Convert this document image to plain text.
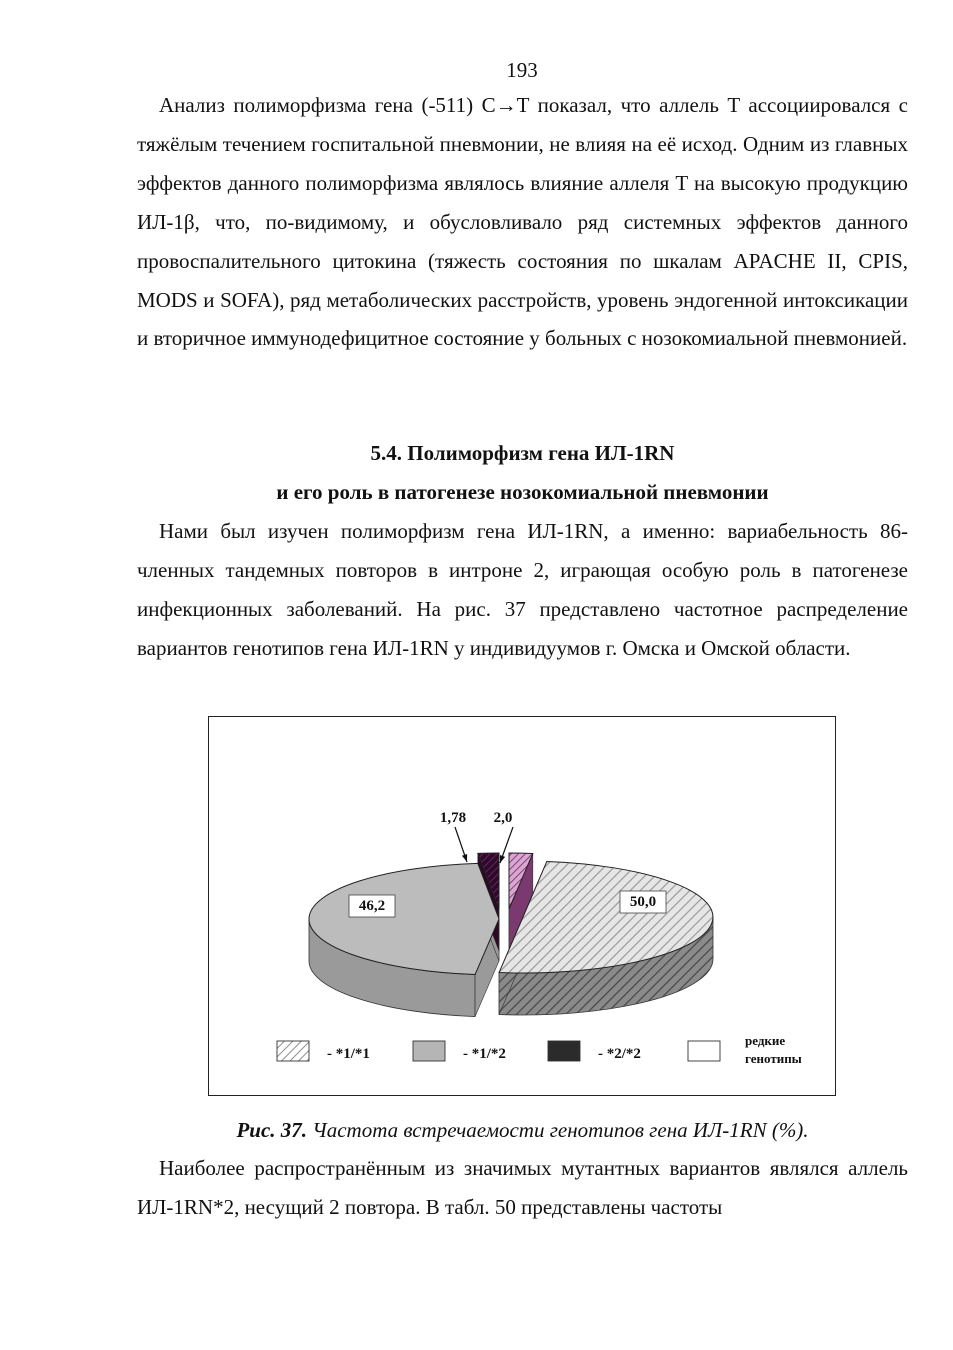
193

Анализ полиморфизма гена (-511) C→T показал, что аллель T ассоциировался с тяжёлым течением госпитальной пневмонии, не влияя на её исход. Одним из главных эффектов данного полиморфизма являлось влияние аллеля T на высокую продукцию ИЛ-1β, что, по-видимому, и обусловливало ряд системных эффектов данного провоспалительного цитокина (тяжесть состояния по шкалам APACHE II, CPIS, MODS и SOFA), ряд метаболических расстройств, уровень эндогенной интоксикации и вторичное иммунодефицитное состояние у больных с нозокомиальной пневмонией.

5.4. Полиморфизм гена ИЛ-1RN
и его роль в патогенезе нозокомиальной пневмонии

Нами был изучен полиморфизм гена ИЛ-1RN, а именно: вариабельность 86-членных тандемных повторов в интроне 2, играющая особую роль в патогенезе инфекционных заболеваний. На рис. 37 представлено частотное распределение вариантов генотипов гена ИЛ-1RN у индивидуумов г. Омска и Омской области.

50,0
46,2
1,78 2,0
- *1/*1	- *1/*2	- *2/*2
редкие
генотипы
Рис. 37. Частота встречаемости генотипов гена ИЛ-1RN (%).

Наиболее распространённым из значимых мутантных вариантов являлся аллель ИЛ-1RN*2, несущий 2 повтора. В табл. 50 представлены частоты
